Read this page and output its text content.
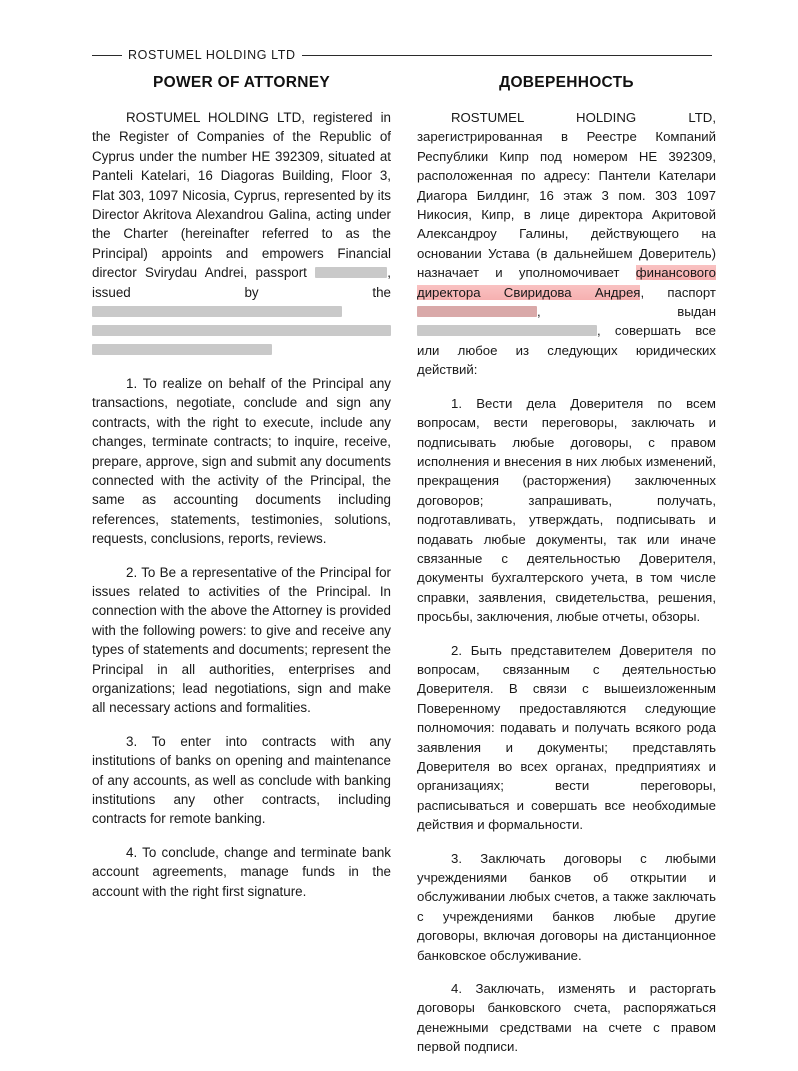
ROSTUMEL HOLDING LTD
POWER OF ATTORNEY

ROSTUMEL HOLDING LTD, registered in the Register of Companies of the Republic of Cyprus under the number HE 392309, situated at Panteli Katelari, 16 Diagoras Building, Floor 3, Flat 303, 1097 Nicosia, Cyprus, represented by its Director Akritova Alexandrou Galina, acting under the Charter (hereinafter referred to as the Principal) appoints and empowers Financial director Svirydau Andrei, passport	, issued by the

1. To realize on behalf of the Principal any transactions, negotiate, conclude and sign any contracts, with the right to execute, include any changes, terminate contracts; to inquire, receive, prepare, approve, sign and submit any documents connected with the activity of the Principal, the same as accounting documents including references, statements, testimonies, solutions, requests, conclusions, reports, reviews.

2. To Be a representative of the Principal for issues related to activities of the Principal. In connection with the above the Attorney is provided with the following powers: to give and receive any types of statements and documents; represent the Principal in all authorities, enterprises and organizations; lead negotiations, sign and make all necessary actions and formalities.

3. To enter into contracts with any institutions of banks on opening and maintenance of any accounts, as well as conclude with banking institutions any other contracts, including contracts for remote banking.

4. To conclude, change and terminate bank account agreements, manage funds in the account with the right first signature.

ДОВЕРЕННОСТЬ

ROSTUMEL HOLDING LTD, зарегистрированная в Реестре Компаний Республики Кипр под номером HE 392309, расположенная по адресу: Пантели Кателари Диагора Билдинг, 16 этаж 3 пом. 303 1097 Никосия, Кипр, в лице директора Акритовой Александроу Галины, действующего на основании Устава (в дальнейшем Доверитель) назначает и уполномочивает финансового директора Свиридова Андрея, паспорт , выдан , совершать все или любое из следующих юридических действий:

1. Вести дела Доверителя по всем вопросам, вести переговоры, заключать и подписывать любые договоры, с правом исполнения и внесения в них любых изменений, прекращения (расторжения) заключенных договоров; запрашивать, получать, подготавливать, утверждать, подписывать и подавать любые документы, так или иначе связанные с деятельностью Доверителя, документы бухгалтерского учета, в том числе справки, заявления, свидетельства, решения, просьбы, заключения, любые отчеты, обзоры.

2. Быть представителем Доверителя по вопросам, связанным с деятельностью Доверителя. В связи с вышеизложенным Поверенному предоставляются следующие полномочия: подавать и получать всякого рода заявления и документы; представлять Доверителя во всех органах, предприятиях и организациях; вести переговоры, расписываться и совершать все необходимые действия и формальности.

3. Заключать договоры с любыми учреждениями банков об открытии и обслуживании любых счетов, а также заключать с учреждениями банков любые другие договоры, включая договоры на дистанционное банковское обслуживание.

4. Заключать, изменять и расторгать договоры банковского счета, распоряжаться денежными средствами на счете с правом первой подписи.
